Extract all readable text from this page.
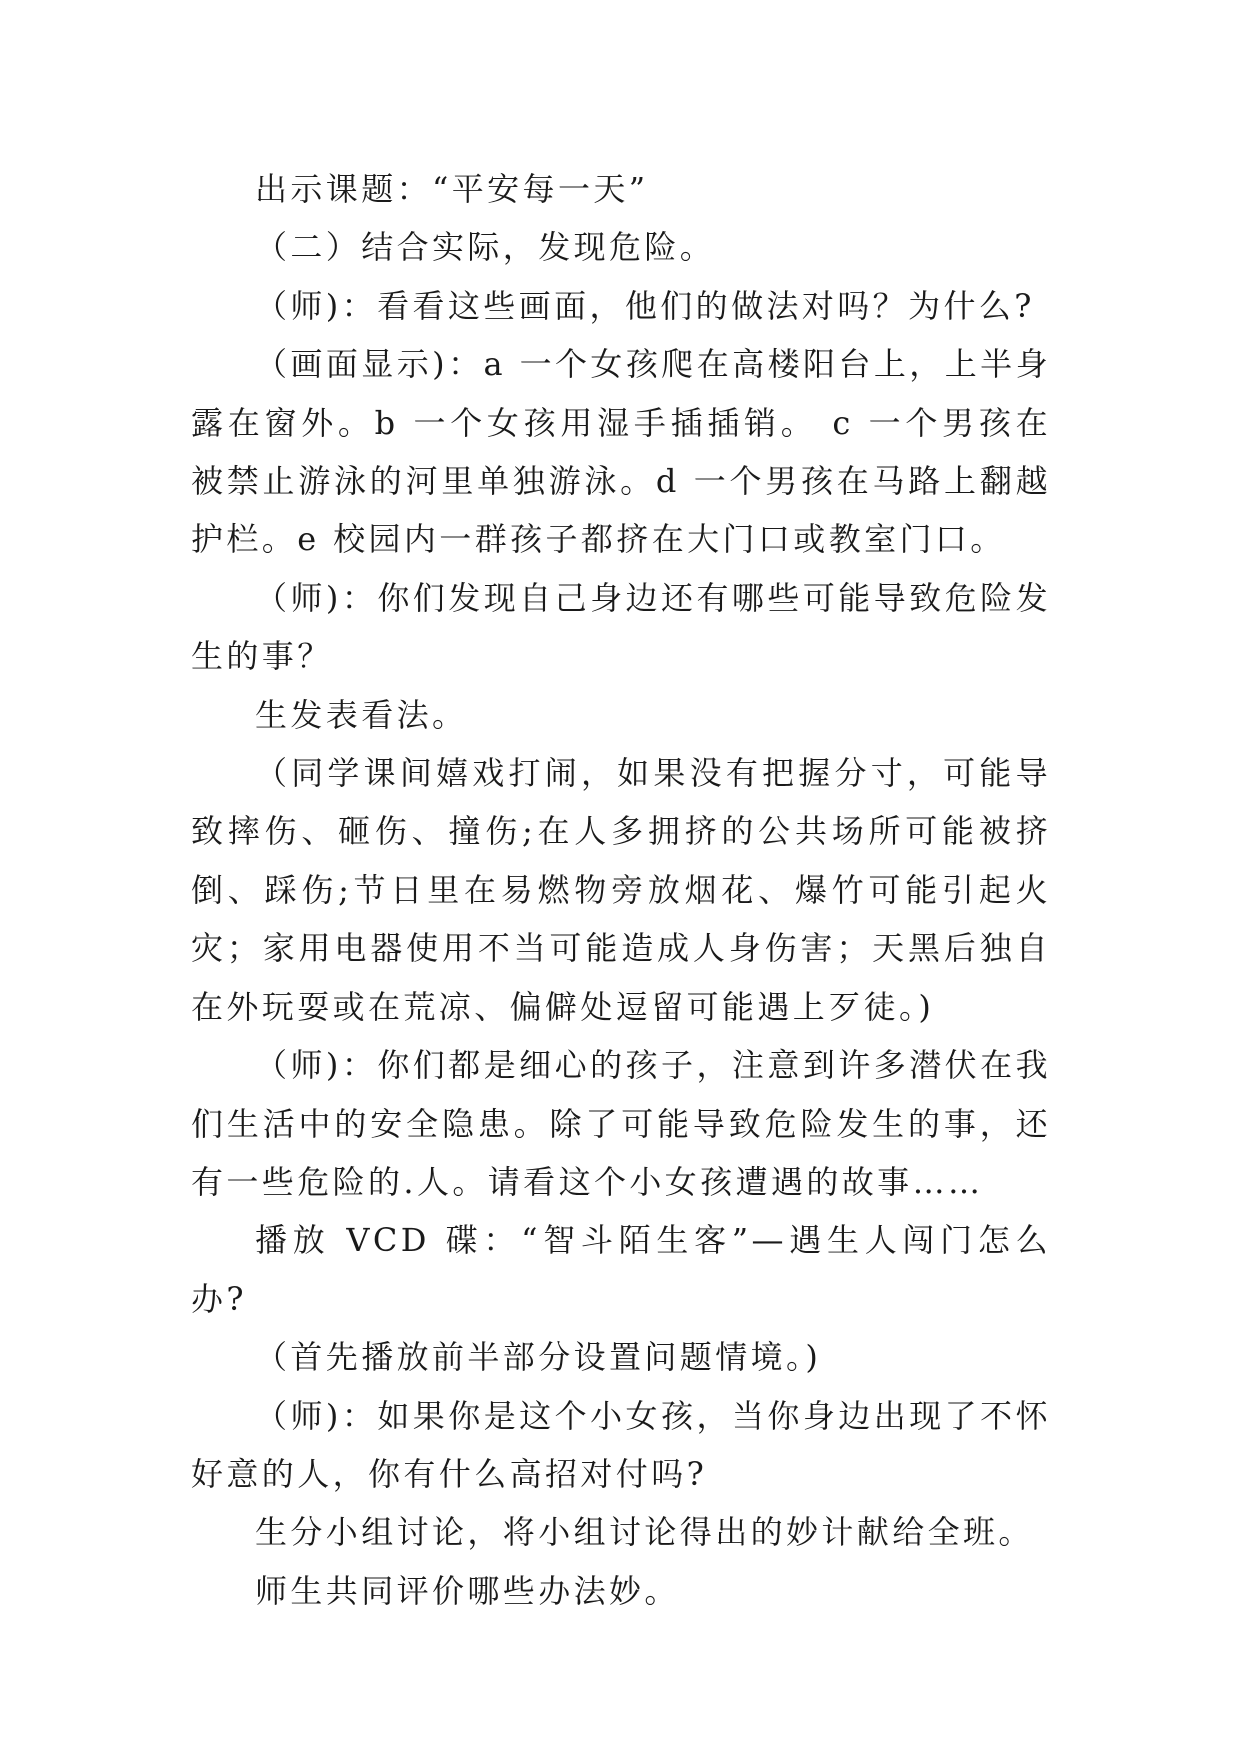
出示课题：“平安每一天”

（二）结合实际，发现危险。

（师)：看看这些画面，他们的做法对吗？为什么?

（画面显示)：a 一个女孩爬在高楼阳台上，上半身露在窗外。b 一个女孩用湿手插插销。 c 一个男孩在被禁止游泳的河里单独游泳。d 一个男孩在马路上翻越护栏。e 校园内一群孩子都挤在大门口或教室门口。

（师)：你们发现自己身边还有哪些可能导致危险发生的事？

生发表看法。

（同学课间嬉戏打闹，如果没有把握分寸，可能导致摔伤、砸伤、撞伤;在人多拥挤的公共场所可能被挤倒、踩伤;节日里在易燃物旁放烟花、爆竹可能引起火灾；家用电器使用不当可能造成人身伤害；天黑后独自在外玩耍或在荒凉、偏僻处逗留可能遇上歹徒。)

（师)：你们都是细心的孩子，注意到许多潜伏在我们生活中的安全隐患。除了可能导致危险发生的事，还有一些危险的.人。请看这个小女孩遭遇的故事……

播放 VCD 碟：“智斗陌生客”—遇生人闯门怎么办?

（首先播放前半部分设置问题情境。)

（师)：如果你是这个小女孩，当你身边出现了不怀好意的人，你有什么高招对付吗?

生分小组讨论，将小组讨论得出的妙计献给全班。

师生共同评价哪些办法妙。
